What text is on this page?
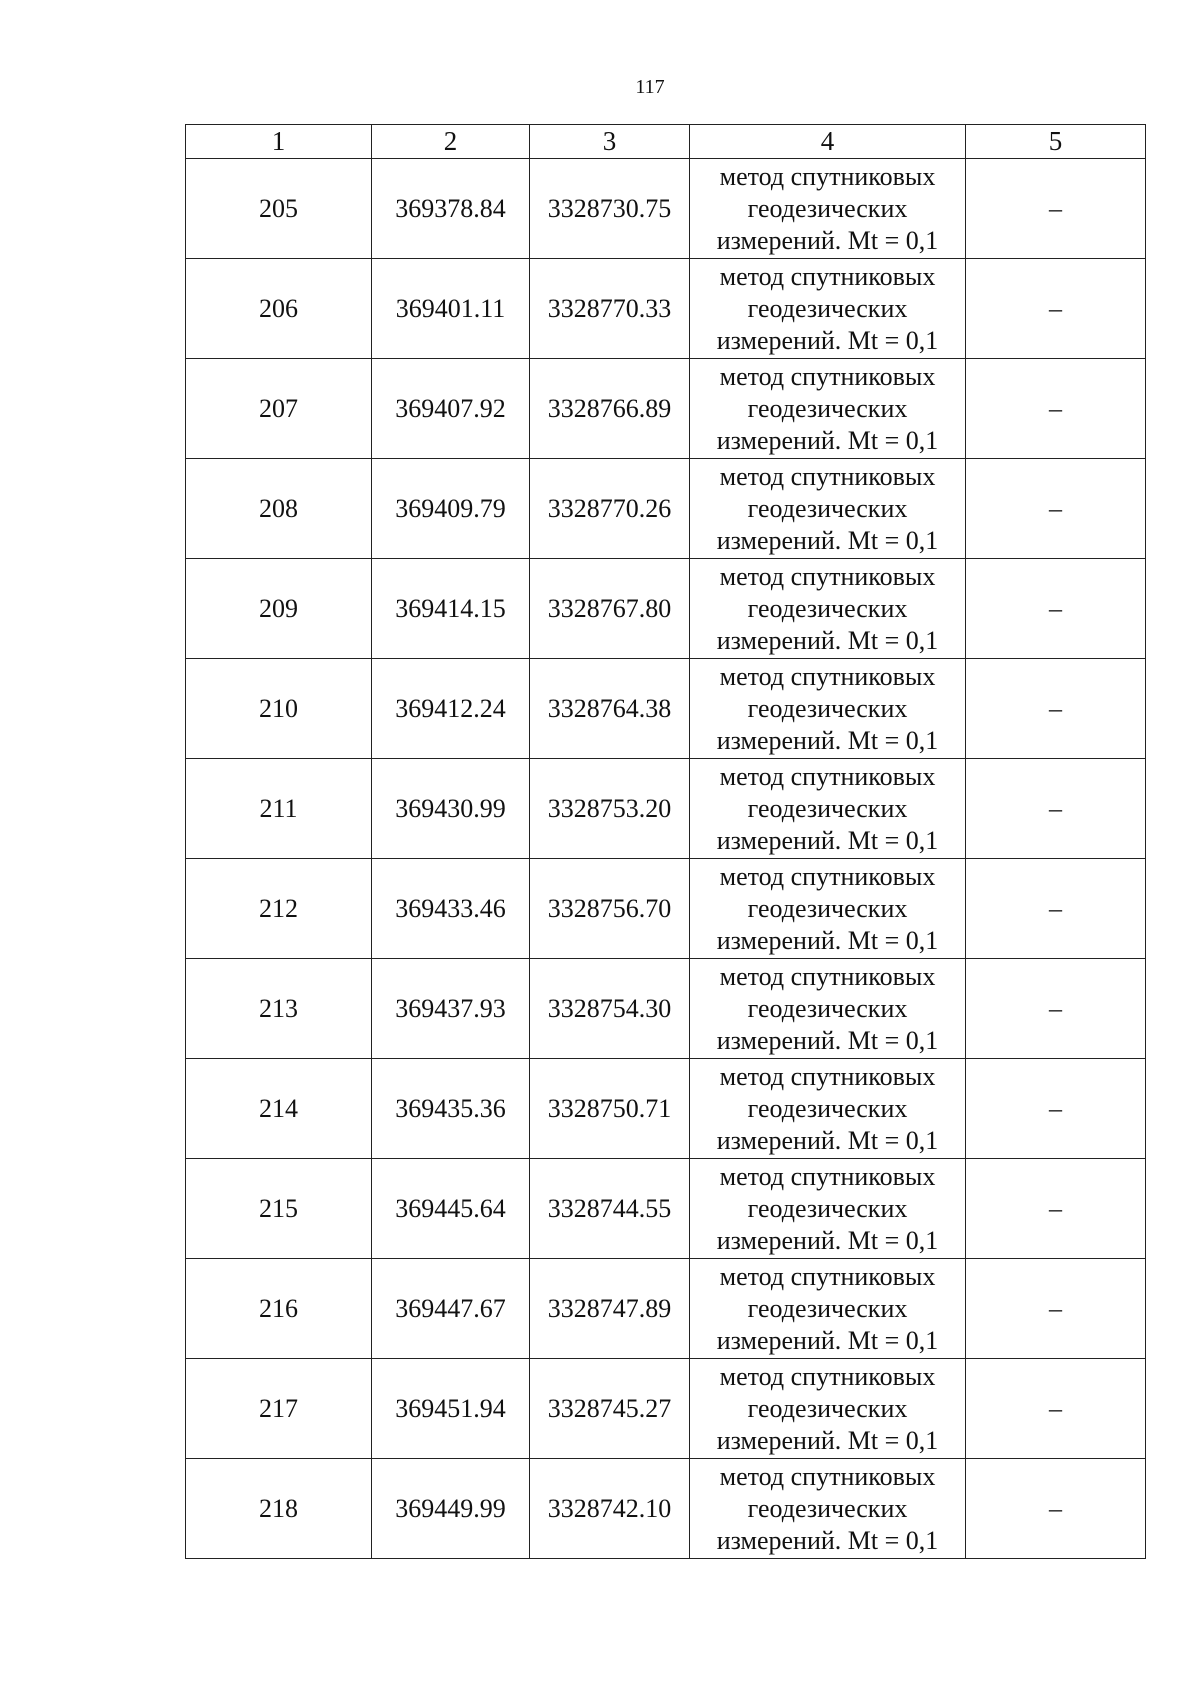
117
1	2	3	4	5
205	369378.84	3328730.75	метод спутниковых
геодезических
измерений. Mt = 0,1	–
206	369401.11	3328770.33	метод спутниковых
геодезических
измерений. Mt = 0,1	–
207	369407.92	3328766.89	метод спутниковых
геодезических
измерений. Mt = 0,1	–
208	369409.79	3328770.26	метод спутниковых
геодезических
измерений. Mt = 0,1	–
209	369414.15	3328767.80	метод спутниковых
геодезических
измерений. Mt = 0,1	–
210	369412.24	3328764.38	метод спутниковых
геодезических
измерений. Mt = 0,1	–
211	369430.99	3328753.20	метод спутниковых
геодезических
измерений. Mt = 0,1	–
212	369433.46	3328756.70	метод спутниковых
геодезических
измерений. Mt = 0,1	–
213	369437.93	3328754.30	метод спутниковых
геодезических
измерений. Mt = 0,1	–
214	369435.36	3328750.71	метод спутниковых
геодезических
измерений. Mt = 0,1	–
215	369445.64	3328744.55	метод спутниковых
геодезических
измерений. Mt = 0,1	–
216	369447.67	3328747.89	метод спутниковых
геодезических
измерений. Mt = 0,1	–
217	369451.94	3328745.27	метод спутниковых
геодезических
измерений. Mt = 0,1	–
218	369449.99	3328742.10	метод спутниковых
геодезических
измерений. Mt = 0,1	–
